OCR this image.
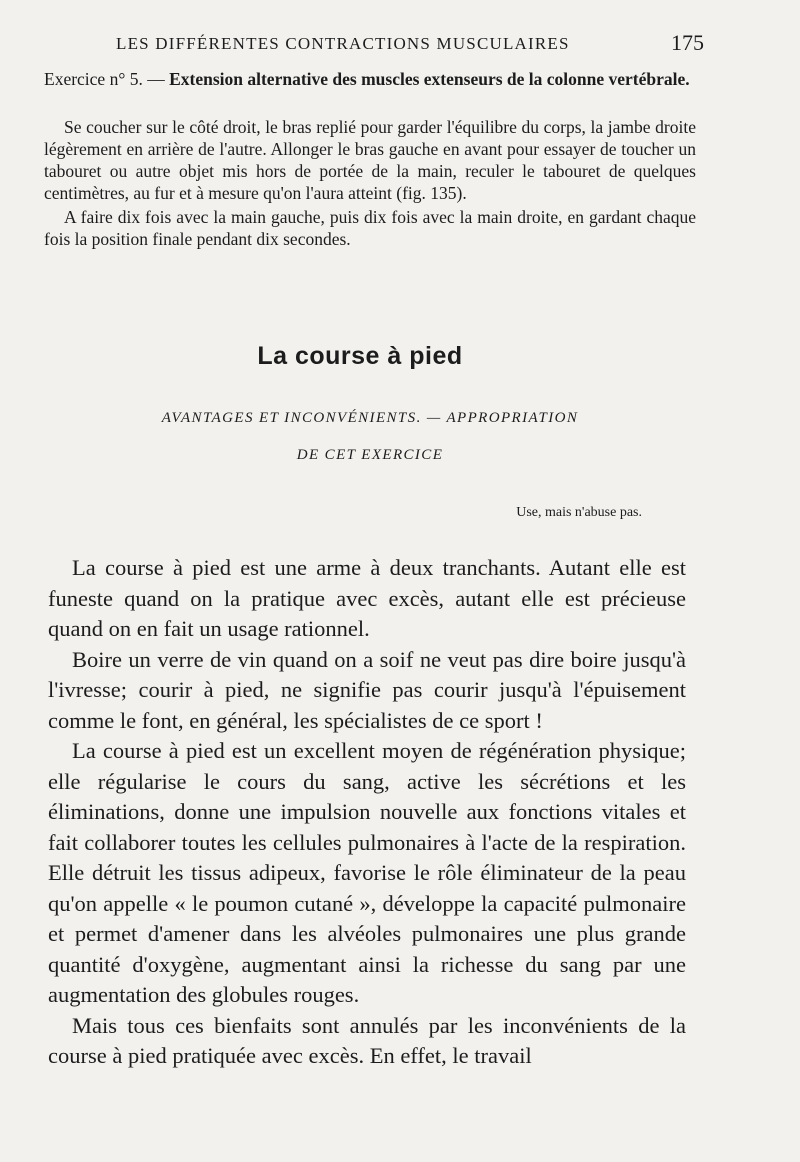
LES DIFFÉRENTES CONTRACTIONS MUSCULAIRES	175
Exercice n° 5. — Extension alternative des muscles extenseurs de la colonne vertébrale.

Se coucher sur le côté droit, le bras replié pour garder l'équilibre du corps, la jambe droite légèrement en arrière de l'autre. Allonger le bras gauche en avant pour essayer de toucher un tabouret ou autre objet mis hors de portée de la main, reculer le tabouret de quelques centimètres, au fur et à mesure qu'on l'aura atteint (fig. 135).

A faire dix fois avec la main gauche, puis dix fois avec la main droite, en gardant chaque fois la position finale pendant dix secondes.

La course à pied
AVANTAGES ET INCONVÉNIENTS. — APPROPRIATION
DE CET EXERCICE
Use, mais n'abuse pas.

La course à pied est une arme à deux tranchants. Autant elle est funeste quand on la pratique avec excès, autant elle est précieuse quand on en fait un usage rationnel.

Boire un verre de vin quand on a soif ne veut pas dire boire jusqu'à l'ivresse; courir à pied, ne signifie pas courir jusqu'à l'épuisement comme le font, en général, les spécialistes de ce sport !

La course à pied est un excellent moyen de régénération physique; elle régularise le cours du sang, active les sécrétions et les éliminations, donne une impulsion nouvelle aux fonctions vitales et fait collaborer toutes les cellules pulmonaires à l'acte de la respiration. Elle détruit les tissus adipeux, favorise le rôle éliminateur de la peau qu'on appelle « le poumon cutané », développe la capacité pulmonaire et permet d'amener dans les alvéoles pulmonaires une plus grande quantité d'oxygène, augmentant ainsi la richesse du sang par une augmentation des globules rouges.

Mais tous ces bienfaits sont annulés par les inconvénients de la course à pied pratiquée avec excès. En effet, le travail
